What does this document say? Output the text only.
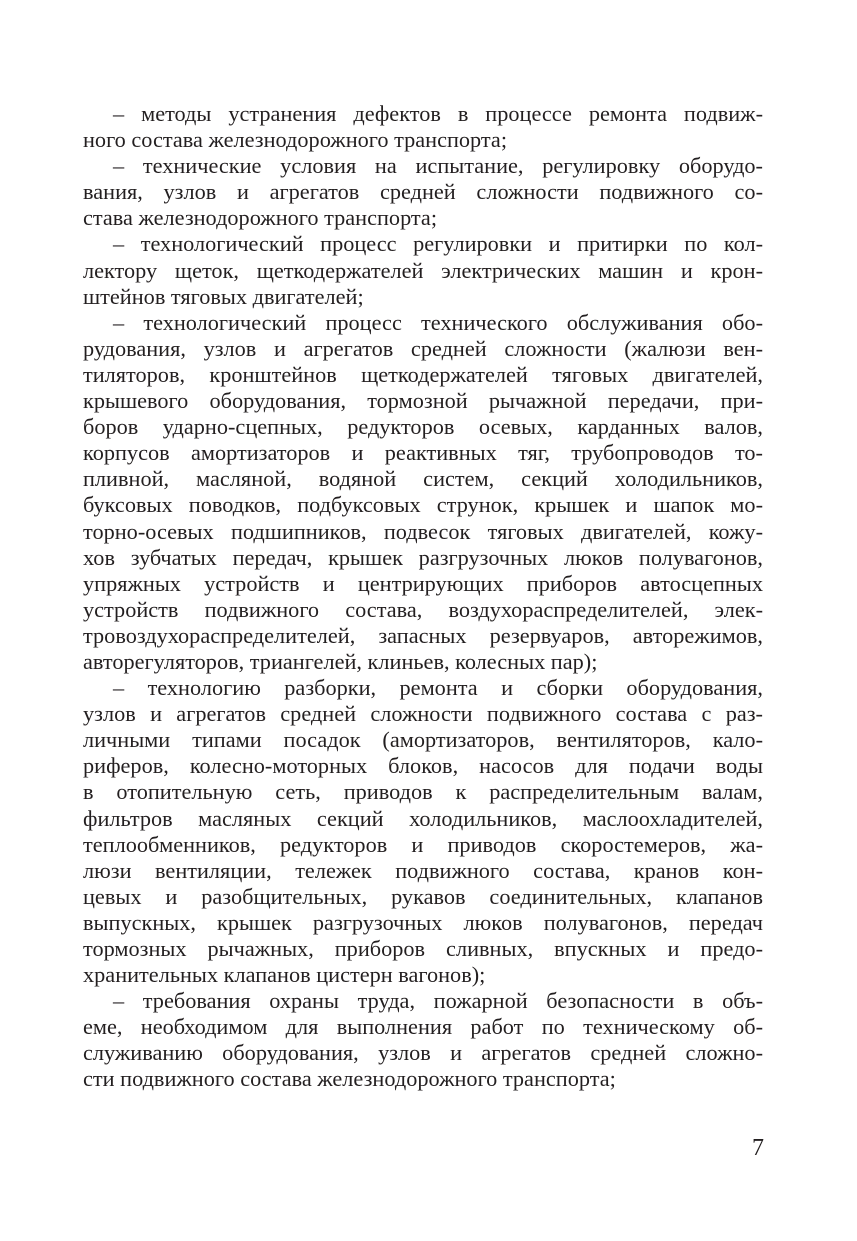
– методы устранения дефектов в процессе ремонта подвиж-
ного состава железнодорожного транспорта;
– технические условия на испытание, регулировку оборудо-
вания, узлов и агрегатов средней сложности подвижного со-
става железнодорожного транспорта;
– технологический процесс регулировки и притирки по кол-
лектору щеток, щеткодержателей электрических машин и крон-
штейнов тяговых двигателей;
– технологический процесс технического обслуживания обо-
рудования, узлов и агрегатов средней сложности (жалюзи вен-
тиляторов, кронштейнов щеткодержателей тяговых двигателей,
крышевого оборудования, тормозной рычажной передачи, при-
боров ударно-сцепных, редукторов осевых, карданных валов,
корпусов амортизаторов и реактивных тяг, трубопроводов то-
пливной, масляной, водяной систем, секций холодильников,
буксовых поводков, подбуксовых струнок, крышек и шапок мо-
торно-осевых подшипников, подвесок тяговых двигателей, кожу-
хов зубчатых передач, крышек разгрузочных люков полувагонов,
упряжных устройств и центрирующих приборов автосцепных
устройств подвижного состава, воздухораспределителей, элек-
тровоздухораспределителей, запасных резервуаров, авторежимов,
авторегуляторов, триангелей, клиньев, колесных пар);
– технологию разборки, ремонта и сборки оборудования,
узлов и агрегатов средней сложности подвижного состава с раз-
личными типами посадок (амортизаторов, вентиляторов, кало-
риферов, колесно-моторных блоков, насосов для подачи воды
в отопительную сеть, приводов к распределительным валам,
фильтров масляных секций холодильников, маслоохладителей,
теплообменников, редукторов и приводов скоростемеров, жа-
люзи вентиляции, тележек подвижного состава, кранов кон-
цевых и разобщительных, рукавов соединительных, клапанов
выпускных, крышек разгрузочных люков полувагонов, передач
тормозных рычажных, приборов сливных, впускных и предо-
хранительных клапанов цистерн вагонов);
– требования охраны труда, пожарной безопасности в объ-
еме, необходимом для выполнения работ по техническому об-
служиванию оборудования, узлов и агрегатов средней сложно-
сти подвижного состава железнодорожного транспорта;
7
